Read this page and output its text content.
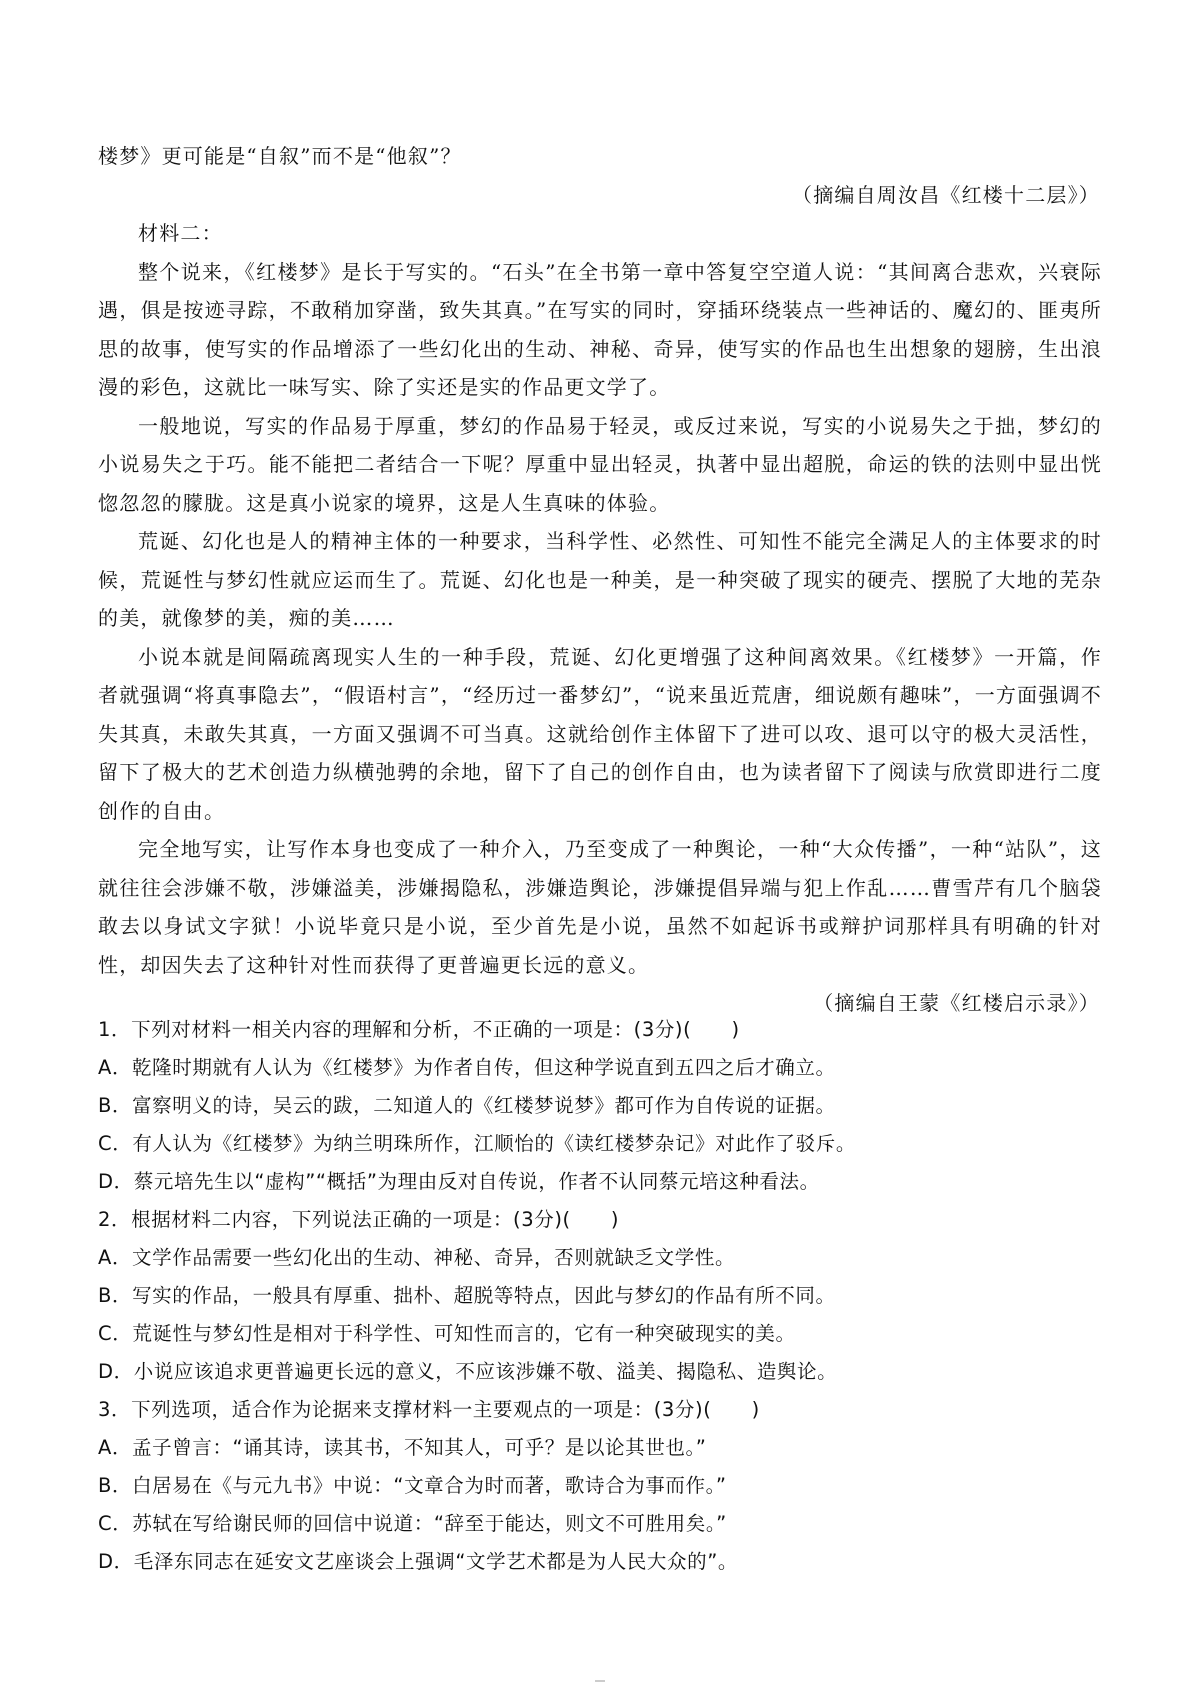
楼梦》更可能是“自叙”而不是“他叙”？

（摘编自周汝昌《红楼十二层》）

材料二：

整个说来，《红楼梦》是长于写实的。“石头”在全书第一章中答复空空道人说：“其间离合悲欢，兴衰际遇，俱是按迹寻踪，不敢稍加穿凿，致失其真。”在写实的同时，穿插环绕装点一些神话的、魔幻的、匪夷所思的故事，使写实的作品增添了一些幻化出的生动、神秘、奇异，使写实的作品也生出想象的翅膀，生出浪漫的彩色，这就比一味写实、除了实还是实的作品更文学了。

一般地说，写实的作品易于厚重，梦幻的作品易于轻灵，或反过来说，写实的小说易失之于拙，梦幻的小说易失之于巧。能不能把二者结合一下呢？厚重中显出轻灵，执著中显出超脱，命运的铁的法则中显出恍惚忽忽的朦胧。这是真小说家的境界，这是人生真味的体验。

荒诞、幻化也是人的精神主体的一种要求，当科学性、必然性、可知性不能完全满足人的主体要求的时候，荒诞性与梦幻性就应运而生了。荒诞、幻化也是一种美，是一种突破了现实的硬壳、摆脱了大地的芜杂的美，就像梦的美，痴的美……

小说本就是间隔疏离现实人生的一种手段，荒诞、幻化更增强了这种间离效果。《红楼梦》一开篇，作者就强调“将真事隐去”，“假语村言”，“经历过一番梦幻”，“说来虽近荒唐，细说颇有趣味”，一方面强调不失其真，未敢失其真，一方面又强调不可当真。这就给创作主体留下了进可以攻、退可以守的极大灵活性，留下了极大的艺术创造力纵横弛骋的余地，留下了自己的创作自由，也为读者留下了阅读与欣赏即进行二度创作的自由。

完全地写实，让写作本身也变成了一种介入，乃至变成了一种舆论，一种“大众传播”，一种“站队”，这就往往会涉嫌不敬，涉嫌溢美，涉嫌揭隐私，涉嫌造舆论，涉嫌提倡异端与犯上作乱……曹雪芹有几个脑袋敢去以身试文字狱！小说毕竟只是小说，至少首先是小说，虽然不如起诉书或辩护词那样具有明确的针对性，却因失去了这种针对性而获得了更普遍更长远的意义。

（摘编自王蒙《红楼启示录》）

1．下列对材料一相关内容的理解和分析，不正确的一项是：(3分)(　　)

A．乾隆时期就有人认为《红楼梦》为作者自传，但这种学说直到五四之后才确立。

B．富察明义的诗，吴云的跋，二知道人的《红楼梦说梦》都可作为自传说的证据。

C．有人认为《红楼梦》为纳兰明珠所作，江顺怡的《读红楼梦杂记》对此作了驳斥。

D．蔡元培先生以“虚构”“概括”为理由反对自传说，作者不认同蔡元培这种看法。

2．根据材料二内容，下列说法正确的一项是：(3分)(　　)

A．文学作品需要一些幻化出的生动、神秘、奇异，否则就缺乏文学性。

B．写实的作品，一般具有厚重、拙朴、超脱等特点，因此与梦幻的作品有所不同。

C．荒诞性与梦幻性是相对于科学性、可知性而言的，它有一种突破现实的美。

D．小说应该追求更普遍更长远的意义，不应该涉嫌不敬、溢美、揭隐私、造舆论。

3．下列选项，适合作为论据来支撑材料一主要观点的一项是：(3分)(　　)

A．孟子曾言：“诵其诗，读其书，不知其人，可乎？是以论其世也。”

B．白居易在《与元九书》中说：“文章合为时而著，歌诗合为事而作。”

C．苏轼在写给谢民师的回信中说道：“辞至于能达，则文不可胜用矣。”

D．毛泽东同志在延安文艺座谈会上强调“文学艺术都是为人民大众的”。
